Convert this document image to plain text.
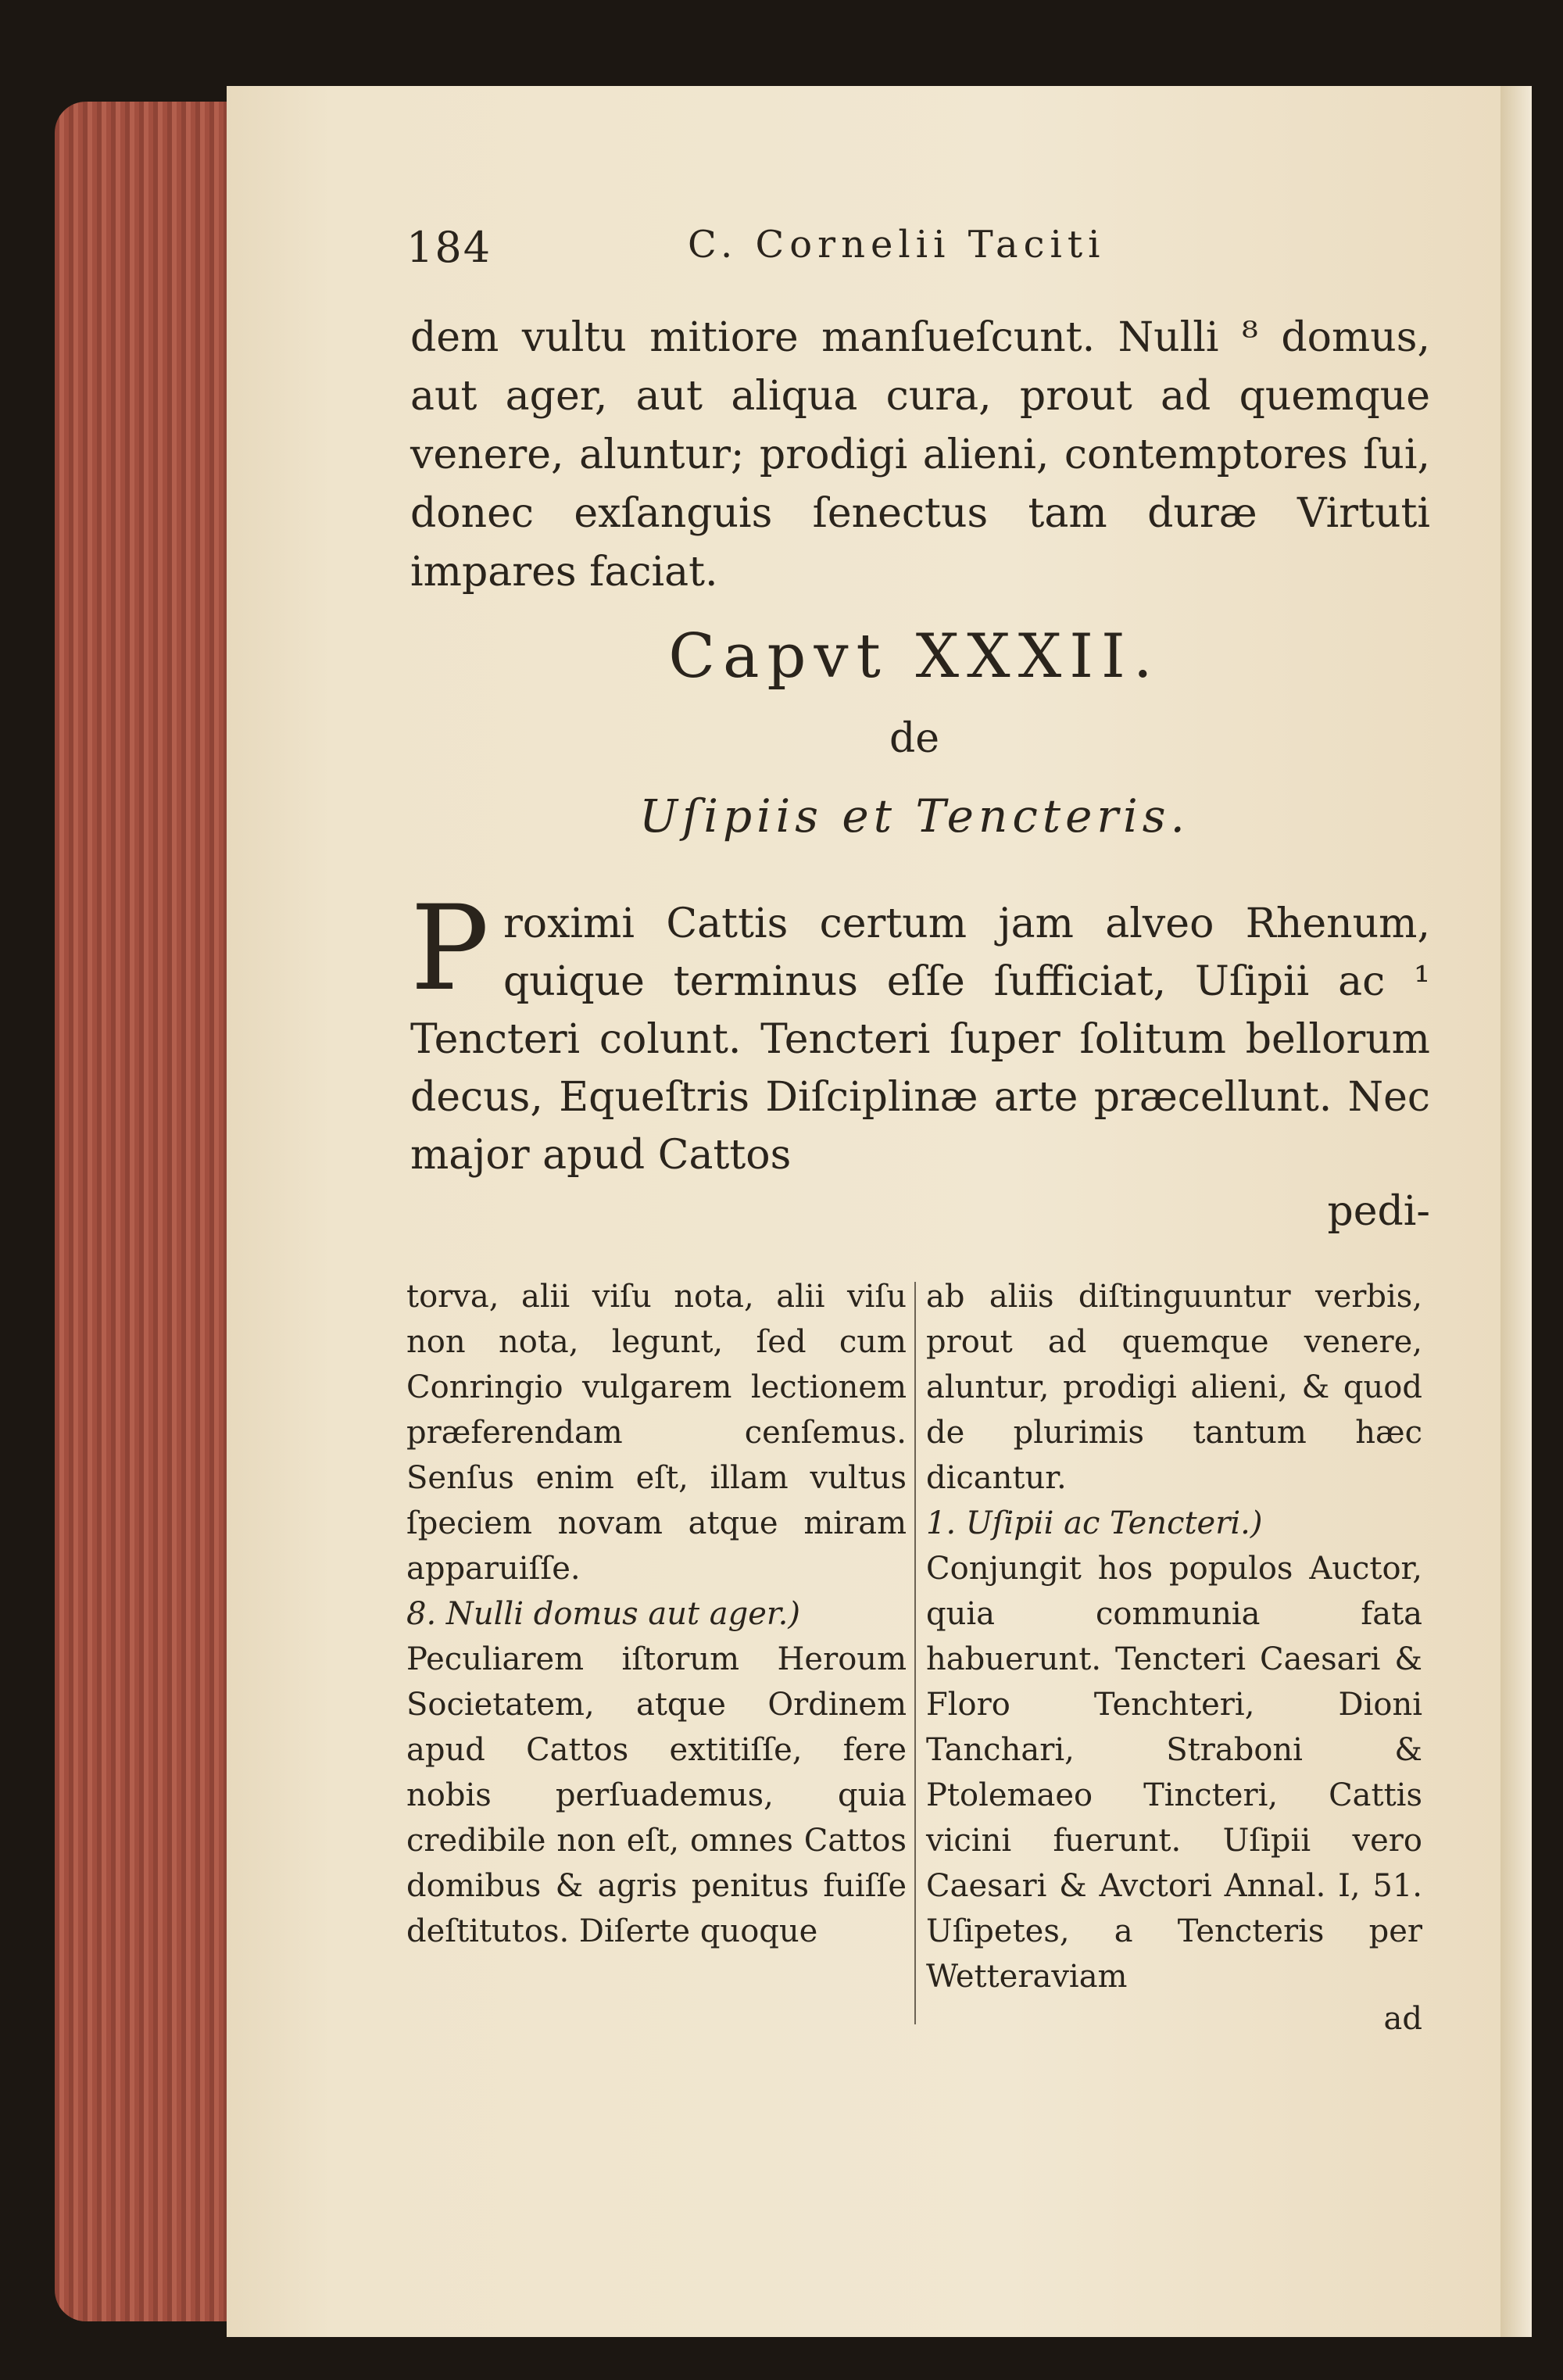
184	C. Cornelii Taciti

dem vultu mitiore manſueſcunt. Nulli ⁸ domus, aut ager, aut aliqua cura, prout ad quemque venere, aluntur; prodigi alieni, contemptores ſui, donec exſanguis ſenectus tam duræ Virtuti impares faciat.

Capvt XXXII.
de
Uſipiis et Tencteris.
P roximi Cattis certum jam alveo Rhenum, quique terminus eſſe ſufficiat, Uſipii ac ¹ Tencteri colunt. Tencteri ſuper ſolitum bellorum decus, Equeſtris Diſciplinæ arte præcellunt. Nec major apud Cattos
pedi-

torva, alii viſu nota, alii viſu non nota, legunt, ſed cum Conringio vulgarem lectionem præferendam cenſemus. Senſus enim eſt, illam vultus ſpeciem novam atque miram apparuiſſe.

8. Nulli domus aut ager.)

Peculiarem iſtorum Heroum Societatem, atque Ordinem apud Cattos extitiſſe, fere nobis perſuademus, quia credibile non eſt, omnes Cattos domibus & agris penitus fuiſſe deſtitutos. Diſerte quoque

ab aliis diſtinguuntur verbis, prout ad quemque venere, aluntur, prodigi alieni, & quod de plurimis tantum hæc dicantur.

1. Uſipii ac Tencteri.)

Conjungit hos populos Auctor, quia communia fata habuerunt. Tencteri Caesari & Floro Tenchteri, Dioni Tanchari, Straboni & Ptolemaeo Tincteri, Cattis vicini fuerunt. Uſipii vero Caesari & Avctori Annal. I, 51. Uſipetes, a Tencteris per Wetteraviam

ad
